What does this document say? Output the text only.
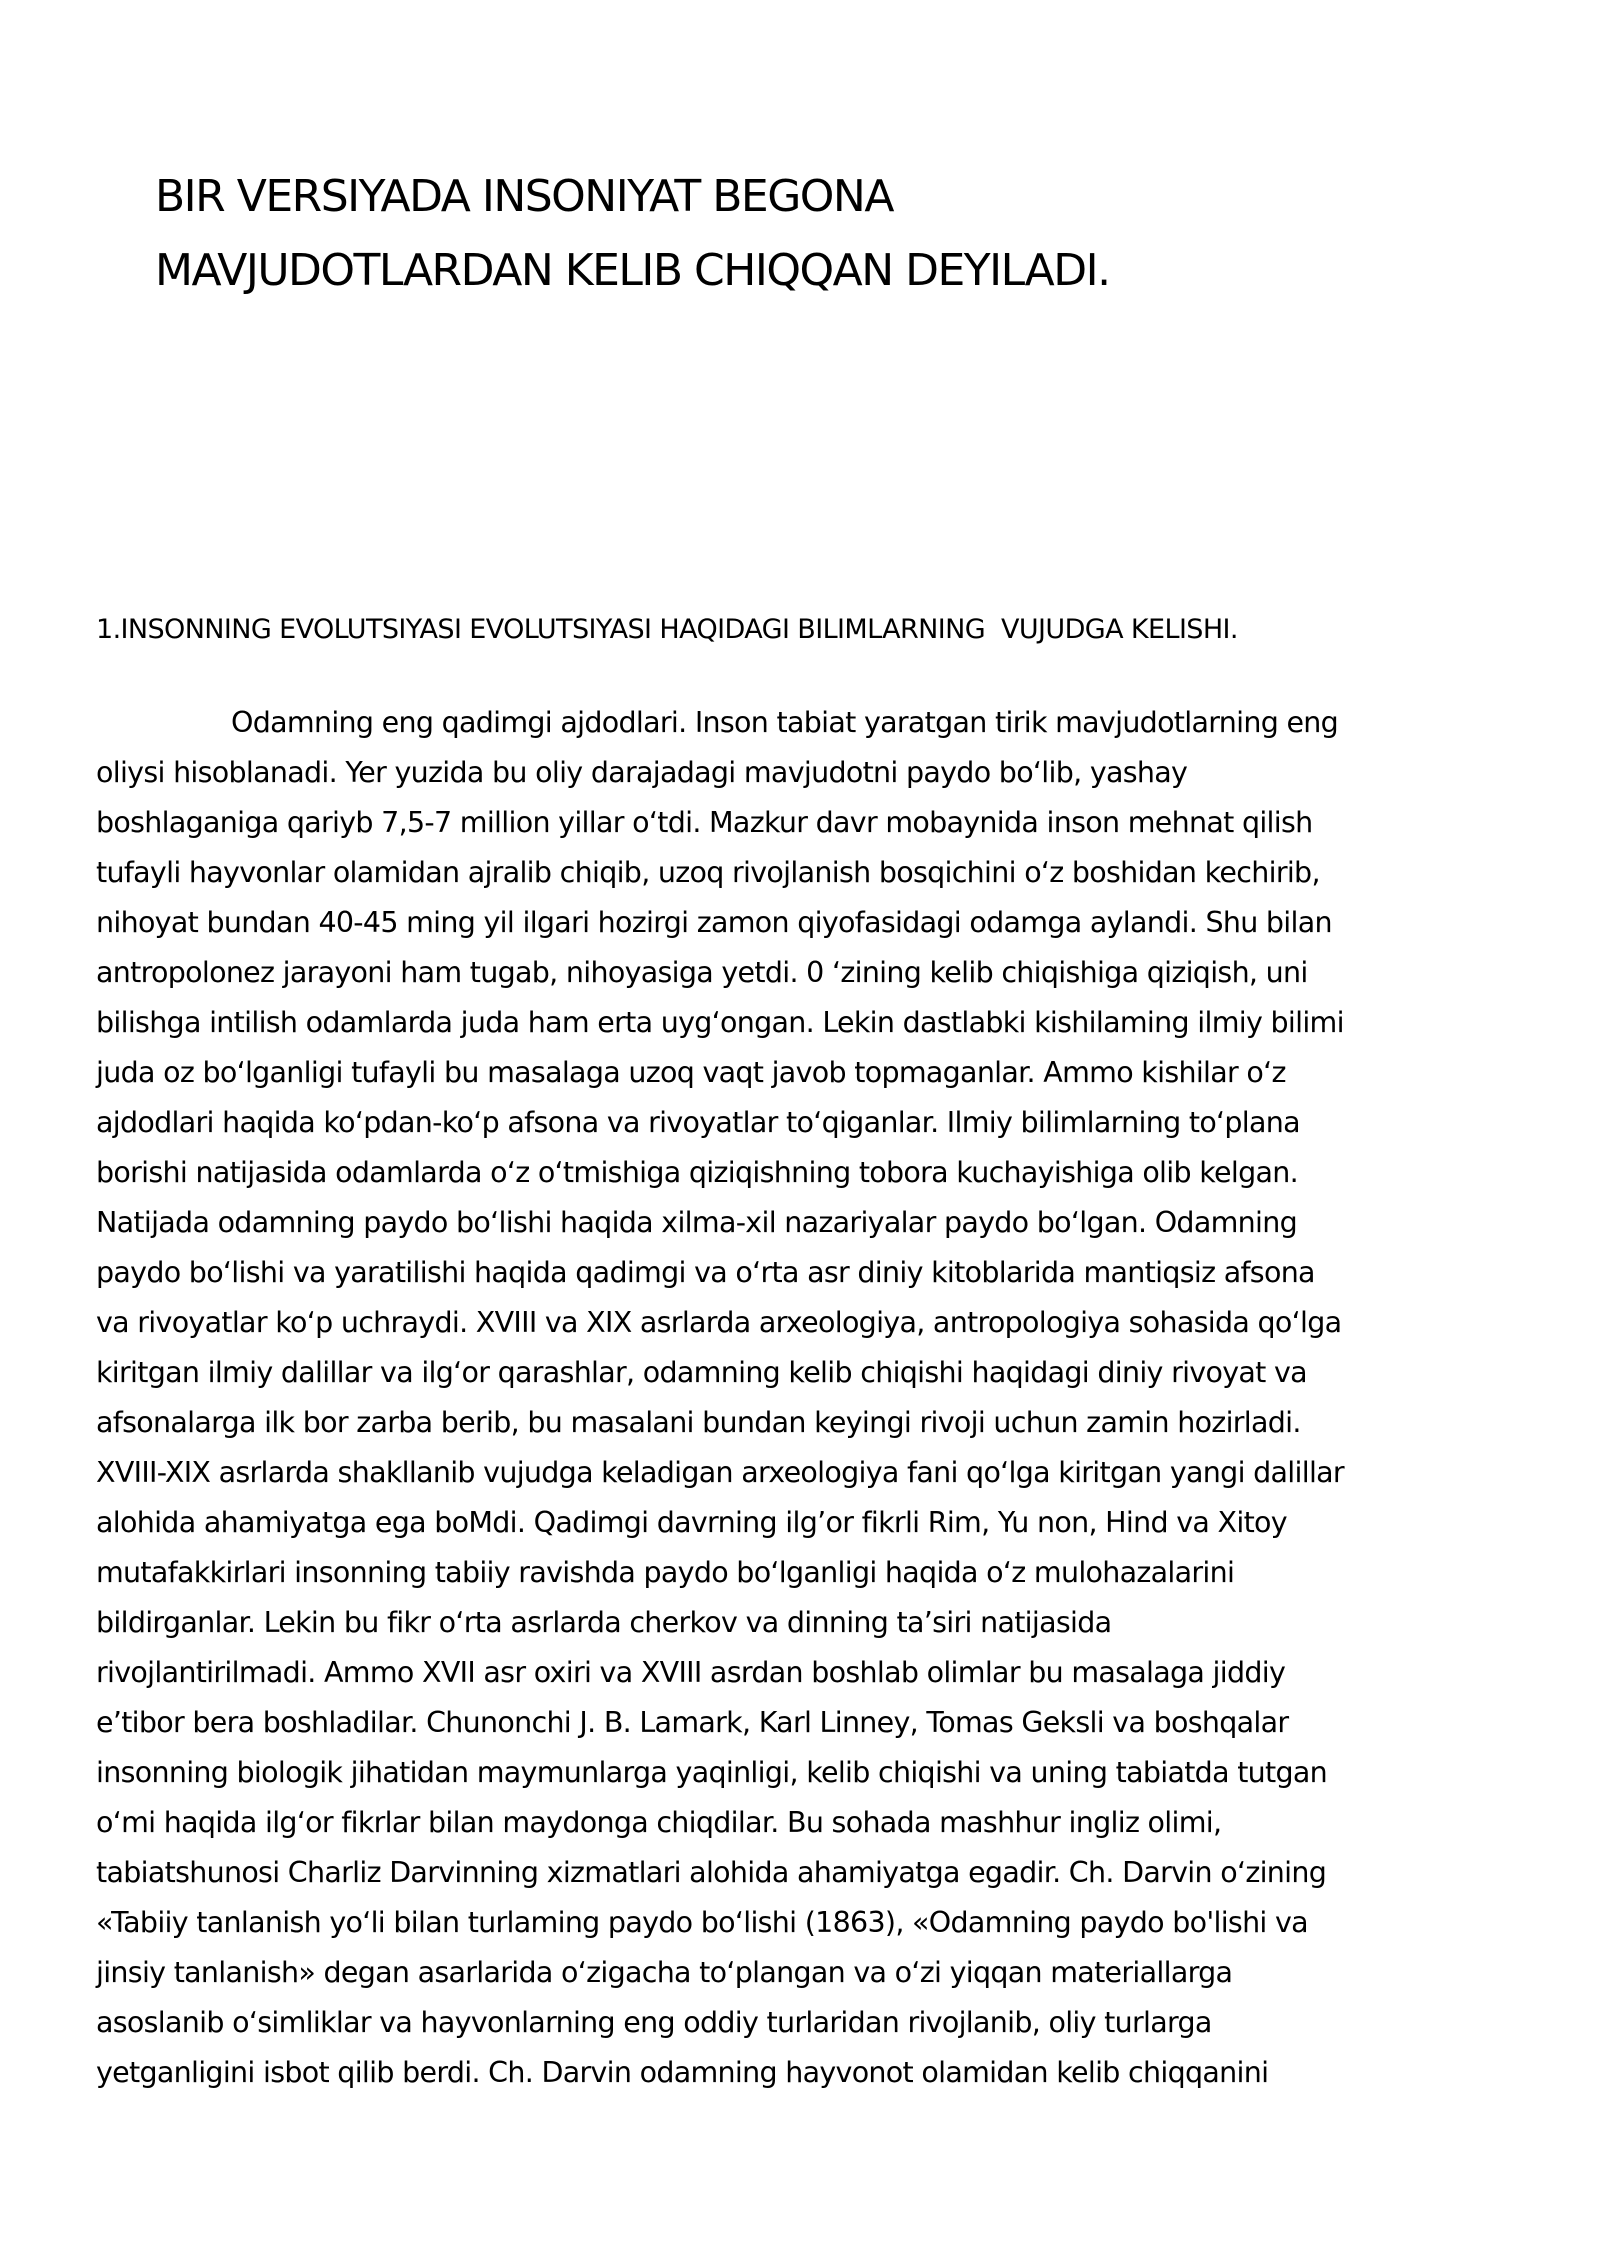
BIR VERSIYADA INSONIYAT BEGONA
MAVJUDOTLARDAN KELIB CHIQQAN DEYILADI.
1.INSONNING EVOLUTSIYASI EVOLUTSIYASI HAQIDAGI BILIMLARNING  VUJUDGA KELISHI.
Odamning eng qadimgi ajdodlari. Inson tabiat yaratgan tirik mavjudotlarning eng
oliysi hisoblanadi. Yer yuzida bu oliy darajadagi mavjudotni paydo boʻlib, yashay
boshlaganiga qariyb 7,5-7 million yillar oʻtdi. Mazkur davr mobaynida inson mehnat qilish
tufayli hayvonlar olamidan ajralib chiqib, uzoq rivojlanish bosqichini oʻz boshidan kechirib,
nihoyat bundan 40-45 ming yil ilgari hozirgi zamon qiyofasidagi odamga aylandi. Shu bilan
antropolonez jarayoni ham tugab, nihoyasiga yetdi. 0 ʻzining kelib chiqishiga qiziqish, uni
bilishga intilish odamlarda juda ham erta uygʻongan. Lekin dastlabki kishilaming ilmiy bilimi
juda oz boʻlganligi tufayli bu masalaga uzoq vaqt javob topmaganlar. Ammo kishilar oʻz
ajdodlari haqida koʻpdan-koʻp afsona va rivoyatlar toʻqiganlar. Ilmiy bilimlarning toʻplana
borishi natijasida odamlarda oʻz oʻtmishiga qiziqishning tobora kuchayishiga olib kelgan.
Natijada odamning paydo boʻlishi haqida xilma-xil nazariyalar paydo boʻlgan. Odamning
paydo boʻlishi va yaratilishi haqida qadimgi va oʻrta asr diniy kitoblarida mantiqsiz afsona
va rivoyatlar koʻp uchraydi. XVIII va XIX asrlarda arxeologiya, antropologiya sohasida qoʻlga
kiritgan ilmiy dalillar va ilgʻor qarashlar, odamning kelib chiqishi haqidagi diniy rivoyat va
afsonalarga ilk bor zarba berib, bu masalani bundan keyingi rivoji uchun zamin hozirladi.
XVIII-XIX asrlarda shakllanib vujudga keladigan arxeologiya fani qoʻlga kiritgan yangi dalillar
alohida ahamiyatga ega boMdi. Qadimgi davrning ilg’or fikrli Rim, Yu non, Hind va Xitoy
mutafakkirlari insonning tabiiy ravishda paydo boʻlganligi haqida oʻz mulohazalarini
bildirganlar. Lekin bu fikr oʻrta asrlarda cherkov va dinning ta’siri natijasida
rivojlantirilmadi. Ammo XVII asr oxiri va XVIII asrdan boshlab olimlar bu masalaga jiddiy
e’tibor bera boshladilar. Chunonchi J. B. Lamark, Karl Linney, Tomas Geksli va boshqalar
insonning biologik jihatidan maymunlarga yaqinligi, kelib chiqishi va uning tabiatda tutgan
oʻmi haqida ilgʻor fikrlar bilan maydonga chiqdilar. Bu sohada mashhur ingliz olimi,
tabiatshunosi Charliz Darvinning xizmatlari alohida ahamiyatga egadir. Ch. Darvin oʻzining
«Tabiiy tanlanish yoʻli bilan turlaming paydo boʻlishi (1863), «Odamning paydo bo'lishi va
jinsiy tanlanish» degan asarlarida oʻzigacha toʻplangan va oʻzi yiqqan materiallarga
asoslanib oʻsimliklar va hayvonlarning eng oddiy turlaridan rivojlanib, oliy turlarga
yetganligini isbot qilib berdi. Ch. Darvin odamning hayvonot olamidan kelib chiqqanini
